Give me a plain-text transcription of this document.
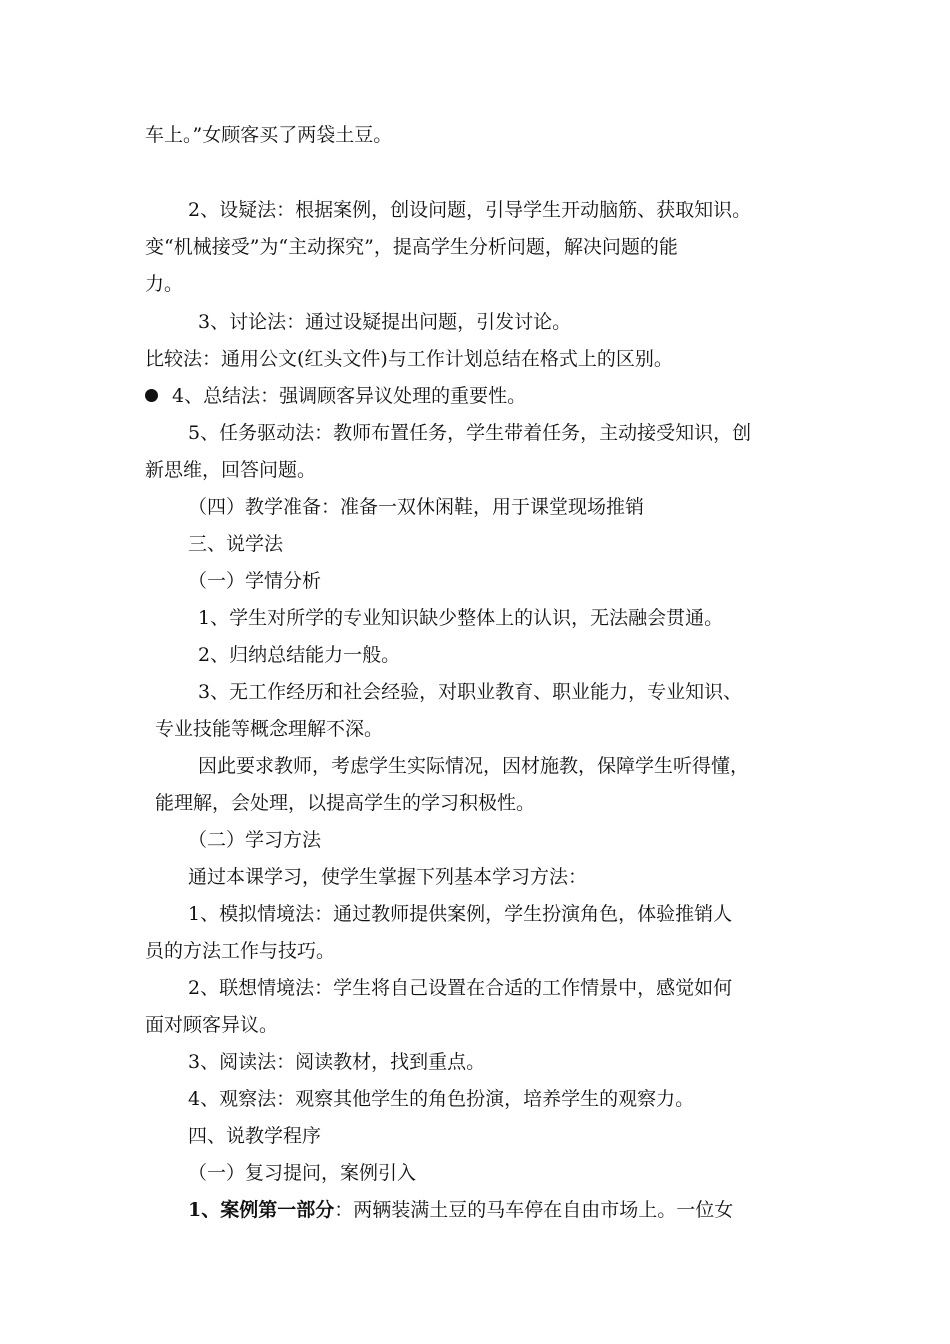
车上。”女顾客买了两袋土豆。
2、设疑法：根据案例，创设问题，引导学生开动脑筋、获取知识。
变“机械接受”为“主动探究”，提高学生分析问题，解决问题的能
力。
3、讨论法：通过设疑提出问题，引发讨论。
比较法：通用公文(红头文件)与工作计划总结在格式上的区别。
4、总结法：强调顾客异议处理的重要性。
5、任务驱动法：教师布置任务，学生带着任务，主动接受知识，创
新思维，回答问题。
（四）教学准备：准备一双休闲鞋，用于课堂现场推销
三、说学法
（一）学情分析
1、学生对所学的专业知识缺少整体上的认识，无法融会贯通。
2、归纳总结能力一般。
3、无工作经历和社会经验，对职业教育、职业能力，专业知识、
专业技能等概念理解不深。
因此要求教师，考虑学生实际情况，因材施教，保障学生听得懂，
能理解，会处理，以提高学生的学习积极性。
（二）学习方法
通过本课学习，使学生掌握下列基本学习方法：
1、模拟情境法：通过教师提供案例，学生扮演角色，体验推销人
员的方法工作与技巧。
2、联想情境法：学生将自己设置在合适的工作情景中，感觉如何
面对顾客异议。
3、阅读法：阅读教材，找到重点。
4、观察法：观察其他学生的角色扮演，培养学生的观察力。
四、说教学程序
（一）复习提问，案例引入
1、案例第一部分：两辆装满土豆的马车停在自由市场上。一位女
